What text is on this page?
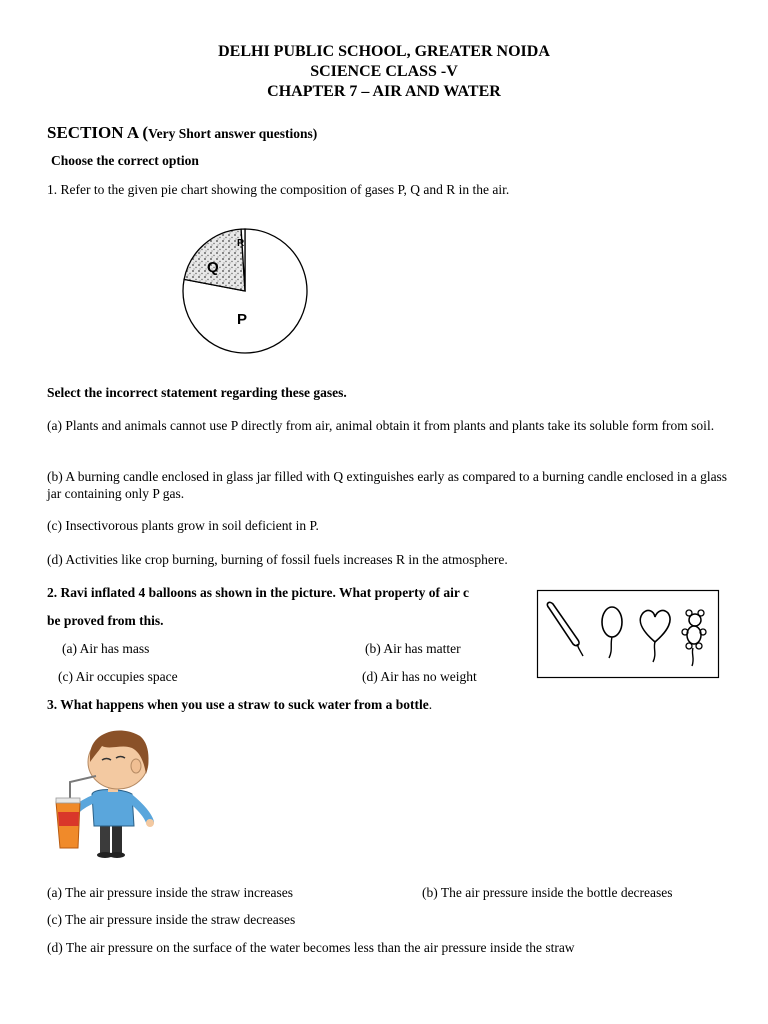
DELHI PUBLIC SCHOOL, GREATER NOIDA
SCIENCE CLASS -V
CHAPTER 7 – AIR AND WATER
SECTION A (Very Short answer questions)
Choose the correct option
1. Refer to the given pie chart showing the composition of gases P, Q and R in the air.
Q
R
P
Select the incorrect statement regarding these gases.
(a) Plants and animals cannot use P directly from air, animal obtain it from plants and plants take its soluble form from soil.
(b) A burning candle enclosed in glass jar filled with Q extinguishes early as compared to a burning candle enclosed in a glass jar containing only P gas.
(c) Insectivorous plants grow in soil deficient in P.
(d) Activities like crop burning, burning of fossil fuels increases R in the atmosphere.
2. Ravi inflated 4 balloons as shown in the picture. What property of air c
be proved from this.
(a) Air has mass	(b) Air has matter
(c) Air occupies space	(d) Air has no weight
3. What happens when you use a straw to suck water from a bottle.
(a) The air pressure inside the straw increases	(b) The air pressure inside the bottle decreases
(c) The air pressure inside the straw decreases
(d) The air pressure on the surface of the water becomes less than the air pressure inside the straw
